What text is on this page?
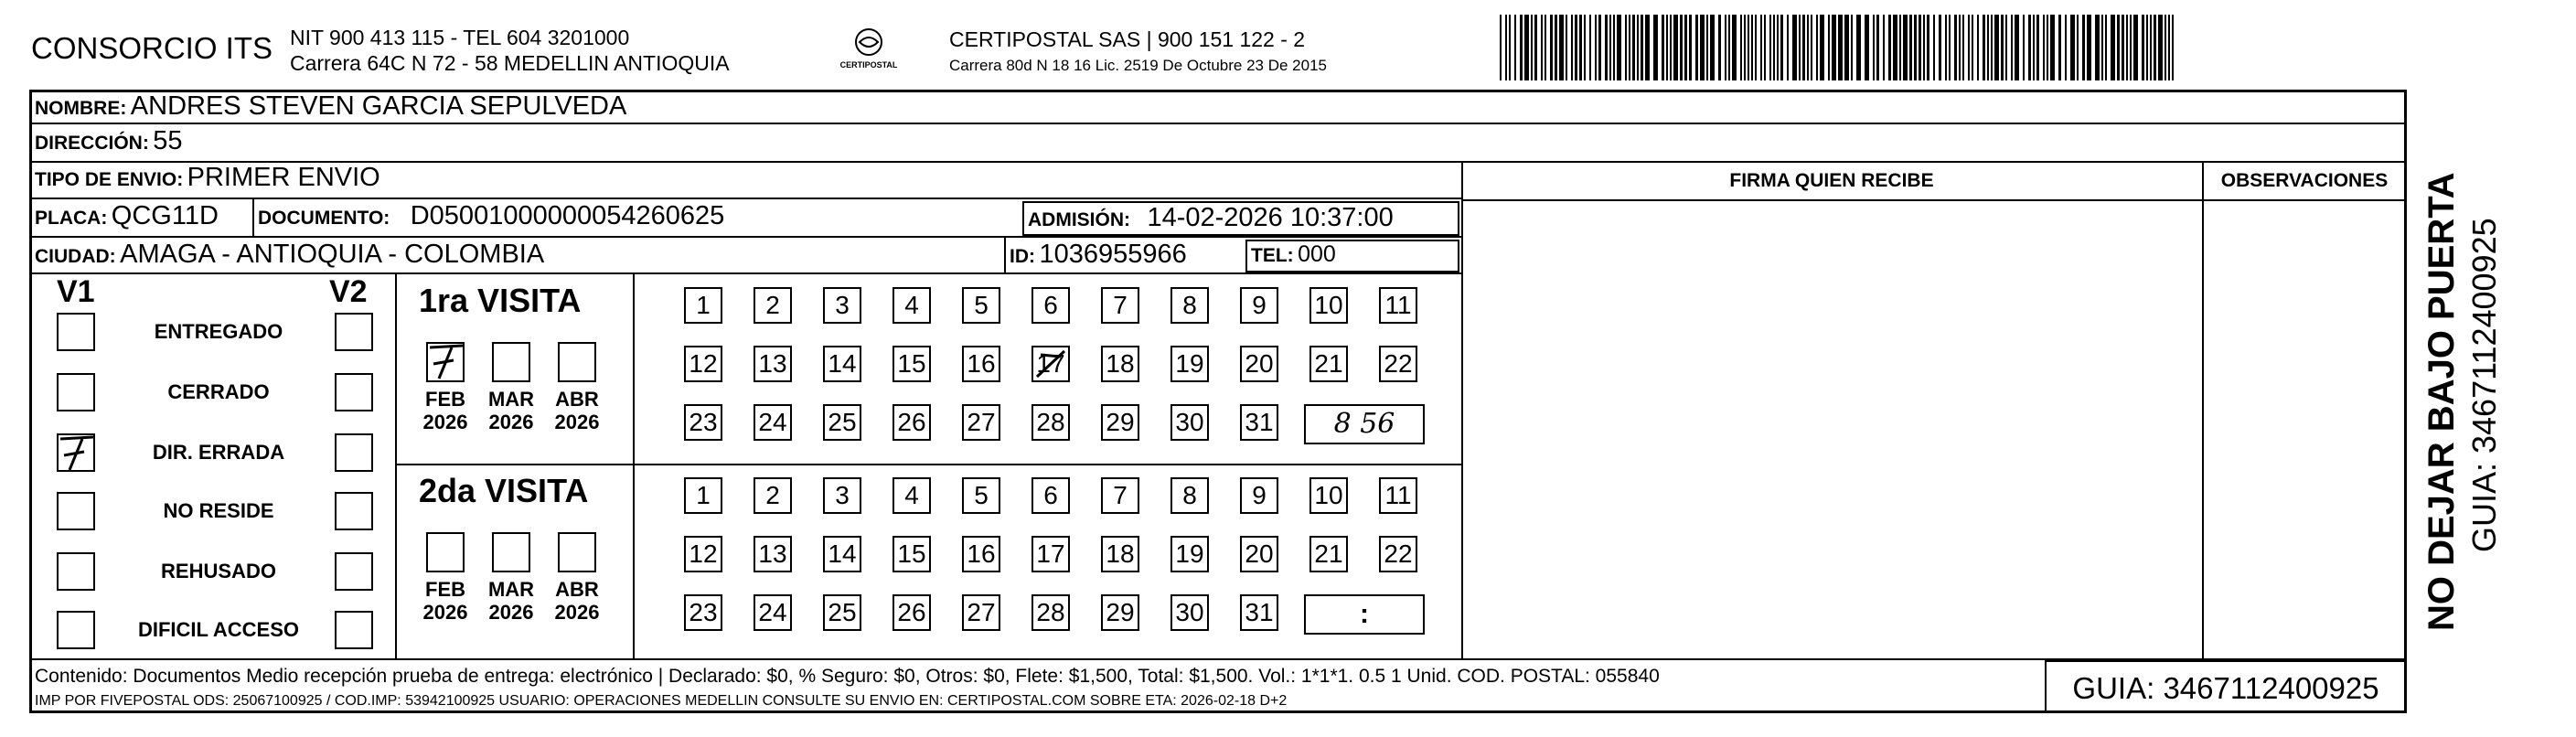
CONSORCIO ITS NIT 900 413 115 - TEL 604 3201000
Carrera 64C N 72 - 58 MEDELLIN ANTIOQUIA	CERTIPOSTAL
CERTIPOSTAL SAS | 900 151 122 - 2
Carrera 80d N 18 16 Lic. 2519 De Octubre 23 De 2015
NOMBRE: ANDRES STEVEN GARCIA SEPULVEDA
DIRECCIÓN: 55
TIPO DE ENVIO: PRIMER ENVIO	FIRMA QUIEN RECIBE	OBSERVACIONES
PLACA: QCG11D DOCUMENTO: D05001000000054260625	ADMISIÓN: 14-02-2026 10:37:00
CIUDAD: AMAGA - ANTIOQUIA - COLOMBIA	ID: 1036955966	TEL: 000
V1	V2
ENTREGADO
CERRADO
DIR. ERRADA
NO RESIDE
REHUSADO
DIFICIL ACCESO
1ra VISITA
2da VISITA
FEB
2026
MAR
2026
ABR
2026
1	2	3	4	5	6	7	8	9	10 11
12 13 14 15 16 17 18 19 20 21 22
23 24 25 26 27 28 29 30 31	8 56
FEB
2026
MAR
2026
ABR
2026
1	2	3	4	5	6	7	8	9	10 11
12 13 14 15 16 17 18 19 20 21 22
23 24 25 26 27 28 29 30 31	:
Contenido: Documentos Medio recepción prueba de entrega: electrónico | Declarado: $0, % Seguro: $0, Otros: $0, Flete: $1,500, Total: $1,500. Vol.: 1*1*1. 0.5 1 Unid. COD. POSTAL: 055840
IMP POR FIVEPOSTAL ODS: 25067100925 / COD.IMP: 53942100925 USUARIO: OPERACIONES MEDELLIN CONSULTE SU ENVIO EN: CERTIPOSTAL.COM SOBRE ETA: 2026-02-18 D+2	GUIA: 3467112400925
NO DEJAR BAJO PUERTA GUIA: 3467112400925
